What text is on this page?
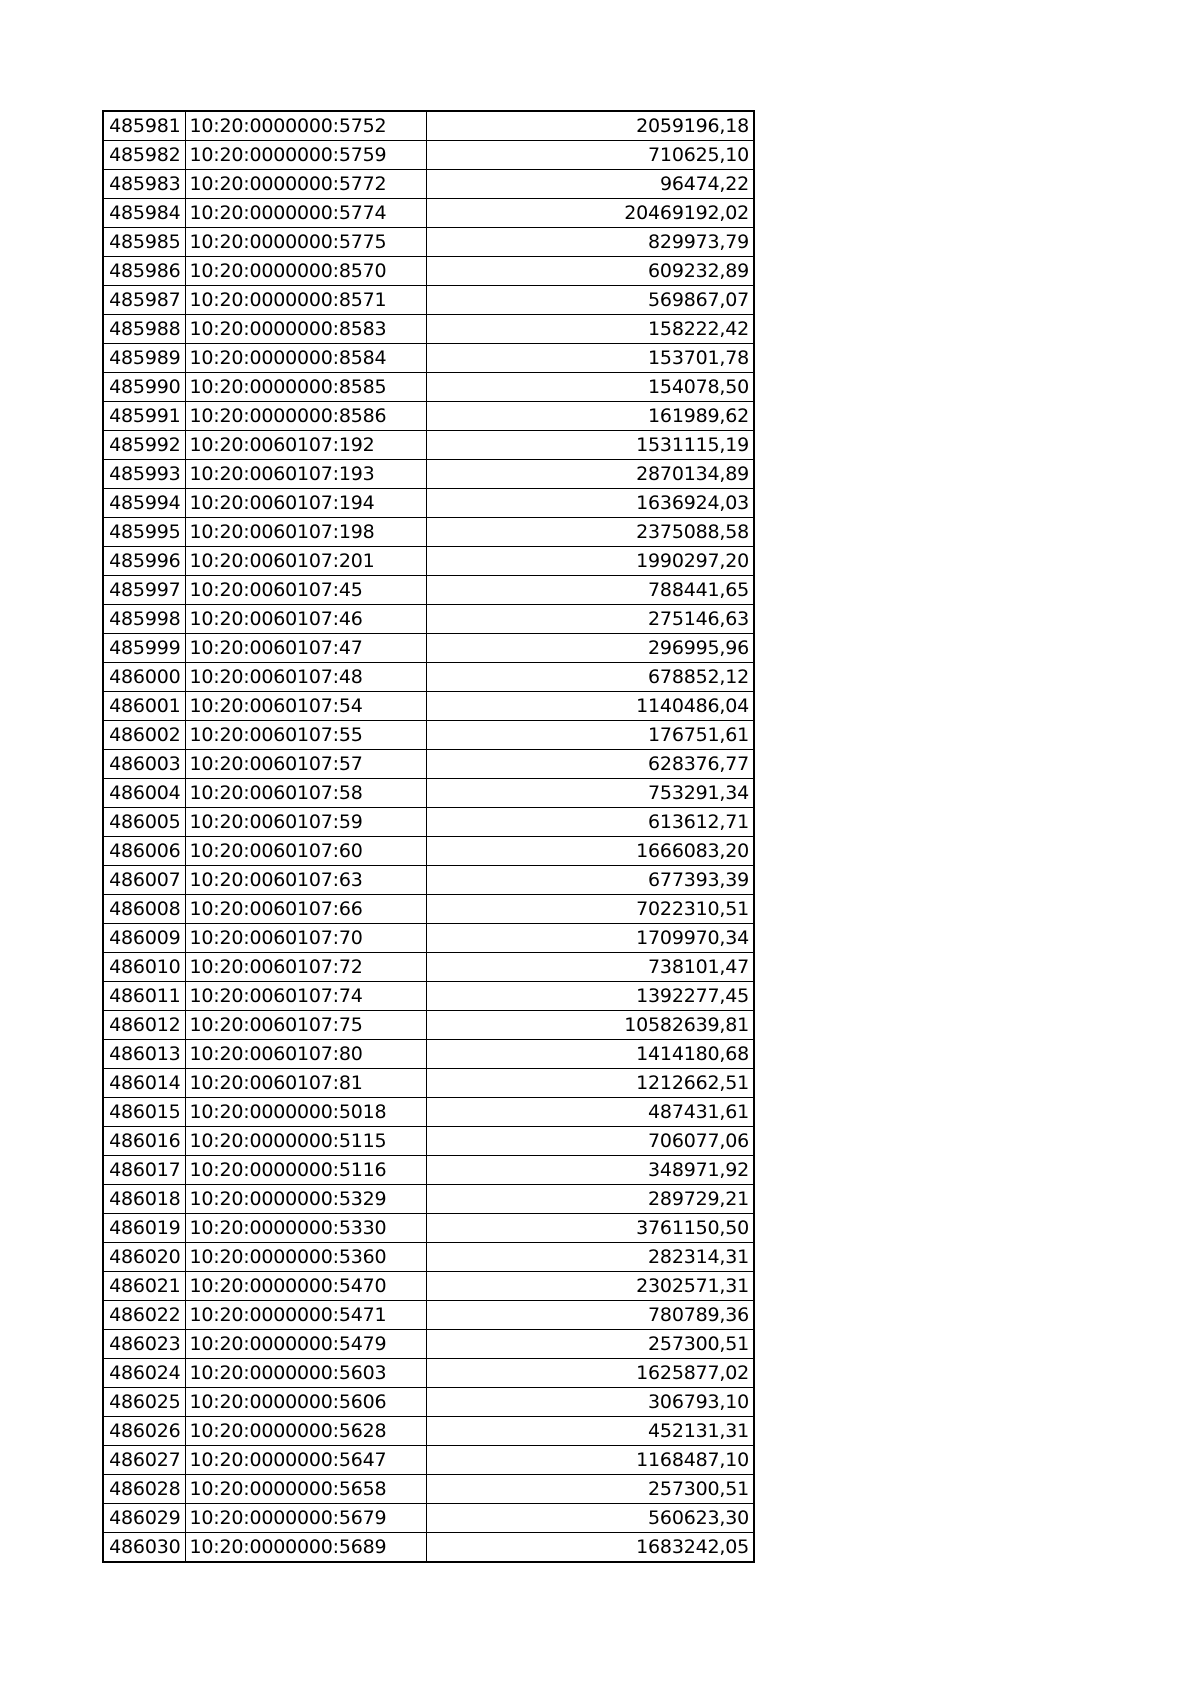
485981	10:20:0000000:5752	2059196,18
485982	10:20:0000000:5759	710625,10
485983	10:20:0000000:5772	96474,22
485984	10:20:0000000:5774	20469192,02
485985	10:20:0000000:5775	829973,79
485986	10:20:0000000:8570	609232,89
485987	10:20:0000000:8571	569867,07
485988	10:20:0000000:8583	158222,42
485989	10:20:0000000:8584	153701,78
485990	10:20:0000000:8585	154078,50
485991	10:20:0000000:8586	161989,62
485992	10:20:0060107:192	1531115,19
485993	10:20:0060107:193	2870134,89
485994	10:20:0060107:194	1636924,03
485995	10:20:0060107:198	2375088,58
485996	10:20:0060107:201	1990297,20
485997	10:20:0060107:45	788441,65
485998	10:20:0060107:46	275146,63
485999	10:20:0060107:47	296995,96
486000	10:20:0060107:48	678852,12
486001	10:20:0060107:54	1140486,04
486002	10:20:0060107:55	176751,61
486003	10:20:0060107:57	628376,77
486004	10:20:0060107:58	753291,34
486005	10:20:0060107:59	613612,71
486006	10:20:0060107:60	1666083,20
486007	10:20:0060107:63	677393,39
486008	10:20:0060107:66	7022310,51
486009	10:20:0060107:70	1709970,34
486010	10:20:0060107:72	738101,47
486011	10:20:0060107:74	1392277,45
486012	10:20:0060107:75	10582639,81
486013	10:20:0060107:80	1414180,68
486014	10:20:0060107:81	1212662,51
486015	10:20:0000000:5018	487431,61
486016	10:20:0000000:5115	706077,06
486017	10:20:0000000:5116	348971,92
486018	10:20:0000000:5329	289729,21
486019	10:20:0000000:5330	3761150,50
486020	10:20:0000000:5360	282314,31
486021	10:20:0000000:5470	2302571,31
486022	10:20:0000000:5471	780789,36
486023	10:20:0000000:5479	257300,51
486024	10:20:0000000:5603	1625877,02
486025	10:20:0000000:5606	306793,10
486026	10:20:0000000:5628	452131,31
486027	10:20:0000000:5647	1168487,10
486028	10:20:0000000:5658	257300,51
486029	10:20:0000000:5679	560623,30
486030	10:20:0000000:5689	1683242,05
